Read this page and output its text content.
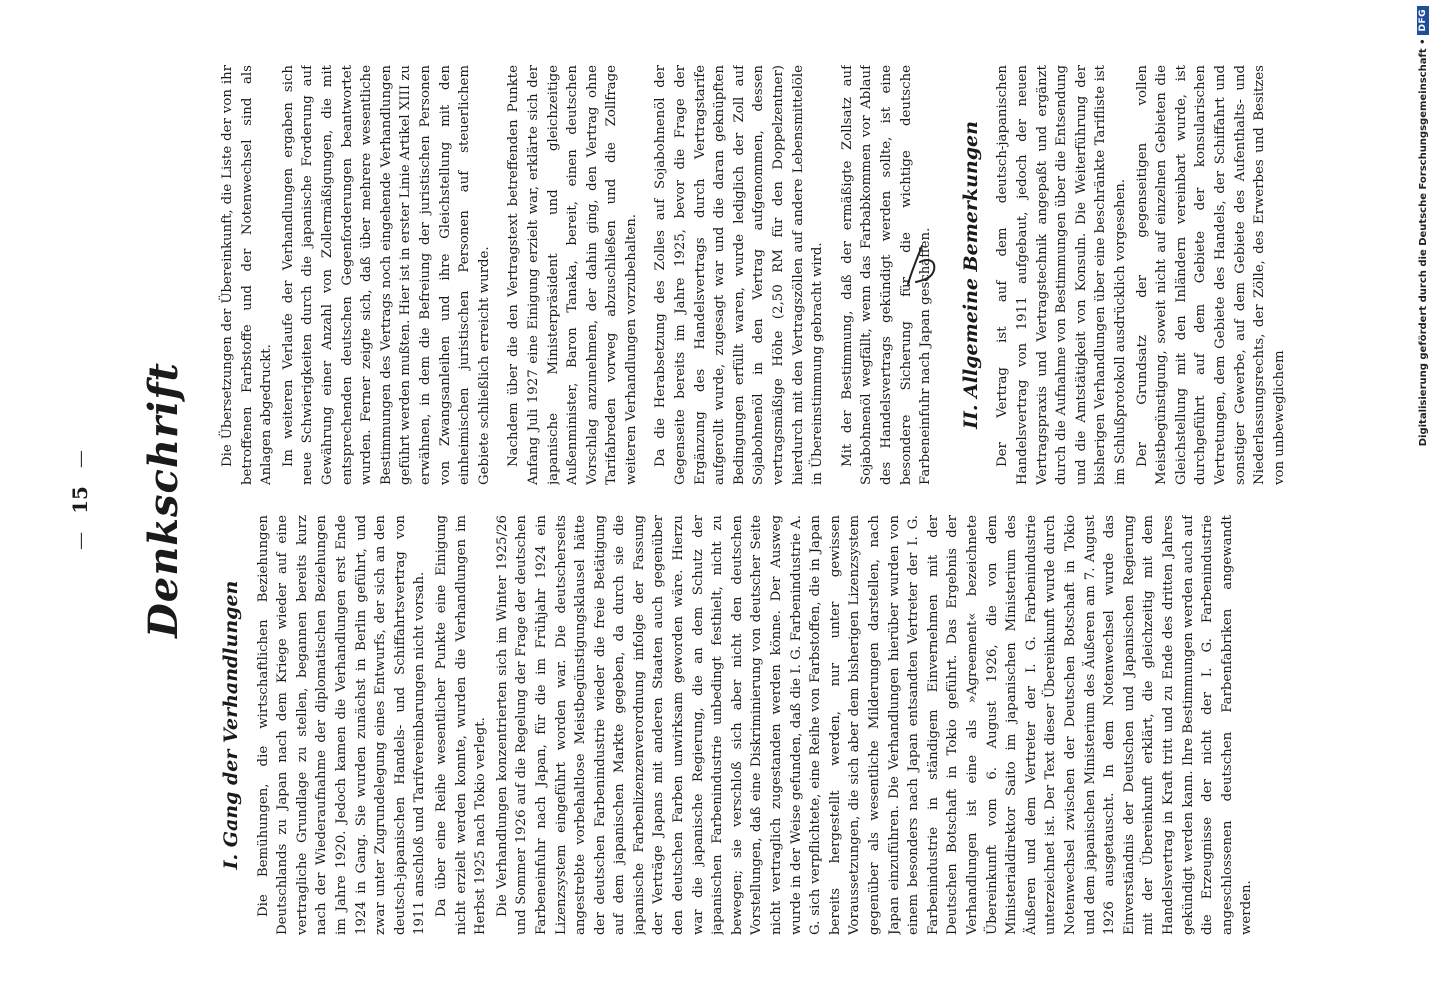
—
15
— Denkschrift
I. Gang der Verhandlungen Die Bemühungen, die wirtschaftlichen Beziehungen Deutschlands zu Japan nach dem Kriege wieder auf eine vertragliche Grundlage zu stellen, begannen bereits kurz nach der Wiederaufnahme der diplomatischen Beziehungen im Jahre 1920. Jedoch kamen die Verhandlungen erst Ende 1924 in Gang. Sie wurden zunächst in Berlin geführt, und zwar unter Zugrundelegung eines Entwurfs, der sich an den deutsch-japanischen Handels- und Schiffahrtsvertrag von 1911 anschloß und Tarifvereinbarungen nicht vorsah. Da über eine Reihe wesentlicher Punkte eine Einigung nicht erzielt werden konnte, wurden die Verhandlungen im Herbst 1925 nach Tokio verlegt. Die Verhandlungen konzentrierten sich im Winter 1925/26 und Sommer 1926 auf die Regelung der Frage der deutschen Farbeneinfuhr nach Japan, für die im Frühjahr 1924 ein Lizenzsystem eingeführt worden war. Die deutscherseits angestrebte vorbehaltlose Meistbegünstigungsklausel hätte der deutschen Farbenindustrie wieder die freie Betätigung auf dem japanischen Markte gegeben, da durch sie die japanische Farbenlizenzenverordnung infolge der Fassung der Verträge Japans mit anderen Staaten auch gegenüber den deutschen Farben unwirksam geworden wäre. Hierzu war die japanische Regierung, die an dem Schutz der japanischen Farbenindustrie unbedingt festhielt, nicht zu bewegen; sie verschloß sich aber nicht den deutschen Vorstellungen, daß eine Diskriminierung von deutscher Seite nicht vertraglich zugestanden werden könne. Der Ausweg wurde in der Weise gefunden, daß die I. G. Farbenindustrie A. G. sich verpflichtete, eine Reihe von Farbstoffen, die in Japan bereits hergestellt werden, nur unter gewissen Voraussetzungen, die sich aber dem bisherigen Lizenzsystem gegenüber als wesentliche Milderungen darstellen, nach Japan einzuführen. Die Verhandlungen hierüber wurden von einem besonders nach Japan entsandten Vertreter der I. G. Farbenindustrie in ständigem Einvernehmen mit der Deutschen Botschaft in Tokio geführt. Das Ergebnis der Verhandlungen ist eine als »Agreement« bezeichnete Übereinkunft vom 6. August 1926, die von dem Ministerialdirektor Saito im japanischen Ministerium des Äußeren und dem Vertreter der I. G. Farbenindustrie unterzeichnet ist. Der Text dieser Übereinkunft wurde durch Notenwechsel zwischen der Deutschen Botschaft in Tokio und dem japanischen Ministerium des Äußeren am 7. August 1926 ausgetauscht. In dem Notenwechsel wurde das Einverständnis der Deutschen und Japanischen Regierung mit der Übereinkunft erklärt, die gleichzeitig mit dem Handelsvertrag in Kraft tritt und zu Ende des dritten Jahres gekündigt werden kann. Ihre Bestimmungen werden auch auf die Erzeugnisse der nicht der I. G. Farbenindustrie angeschlossenen deutschen Farbenfabriken angewandt werden.

Die Übersetzungen der Übereinkunft, die Liste der von ihr betroffenen Farbstoffe und der Notenwechsel sind als Anlagen abgedruckt. Im weiteren Verlaufe der Verhandlungen ergaben sich neue Schwierigkeiten durch die japanische Forderung auf Gewährung einer Anzahl von Zollermäßigungen, die mit entsprechenden deutschen Gegenforderungen beantwortet wurden. Ferner zeigte sich, daß über mehrere wesentliche Bestimmungen des Vertrags noch eingehende Verhandlungen geführt werden mußten. Hier ist in erster Linie Artikel XIII zu erwähnen, in dem die Befreiung der juristischen Personen von Zwangsanleihen und ihre Gleichstellung mit den einheimischen juristischen Personen auf steuerlichem Gebiete schließlich erreicht wurde. Nachdem über die den Vertragstext betreffenden Punkte Anfang Juli 1927 eine Einigung erzielt war, erklärte sich der japanische Ministerpräsident und gleichzeitige Außenminister, Baron Tanaka, bereit, einen deutschen Vorschlag anzunehmen, der dahin ging, den Vertrag ohne Tarifabreden vorweg abzuschließen und die Zollfrage weiteren Verhandlungen vorzubehalten. Da die Herabsetzung des Zolles auf Sojabohnenöl der Gegenseite bereits im Jahre 1925, bevor die Frage der Ergänzung des Handelsvertrags durch Vertragstarife aufgerollt wurde, zugesagt war und die daran geknüpften Bedingungen erfüllt waren, wurde lediglich der Zoll auf Sojabohnenöl in den Vertrag aufgenommen, dessen vertragsmäßige Höhe (2,50 RM für den Doppelzentner) hierdurch mit den Vertragszöllen auf andere Lebensmittelöle in Übereinstimmung gebracht wird. Mit der Bestimmung, daß der ermäßigte Zollsatz auf Sojabohnenöl wegfällt, wenn das Farbabkommen vor Ablauf des Handelsvertrags gekündigt werden sollte, ist eine besondere Sicherung für die wichtige deutsche Farbeneinfuhr nach Japan geschaffen. II. Allgemeine Bemerkungen Der Vertrag ist auf dem deutsch-japanischen Handelsvertrag von 1911 aufgebaut, jedoch der neuen Vertragspraxis und Vertragstechnik angepaßt und ergänzt durch die Aufnahme von Bestimmungen über die Entsendung und die Amtstätigkeit von Konsuln. Die Weiterführung der bisherigen Verhandlungen über eine beschränkte Tarifliste ist im Schlußprotokoll ausdrücklich vorgesehen. Der Grundsatz der gegenseitigen vollen Meistbegünstigung, soweit nicht auf einzelnen Gebieten die Gleichstellung mit den Inländern vereinbart wurde, ist durchgeführt auf dem Gebiete der konsularischen Vertretungen, dem Gebiete des Handels, der Schiffahrt und sonstiger Gewerbe, auf dem Gebiete des Aufenthalts- und Niederlassungsrechts, der Zölle, des Erwerbes und Besitzes von unbeweglichem	Digitalisierung gefördert durch die Deutsche Forschungsgemeinschaft •
DFG
